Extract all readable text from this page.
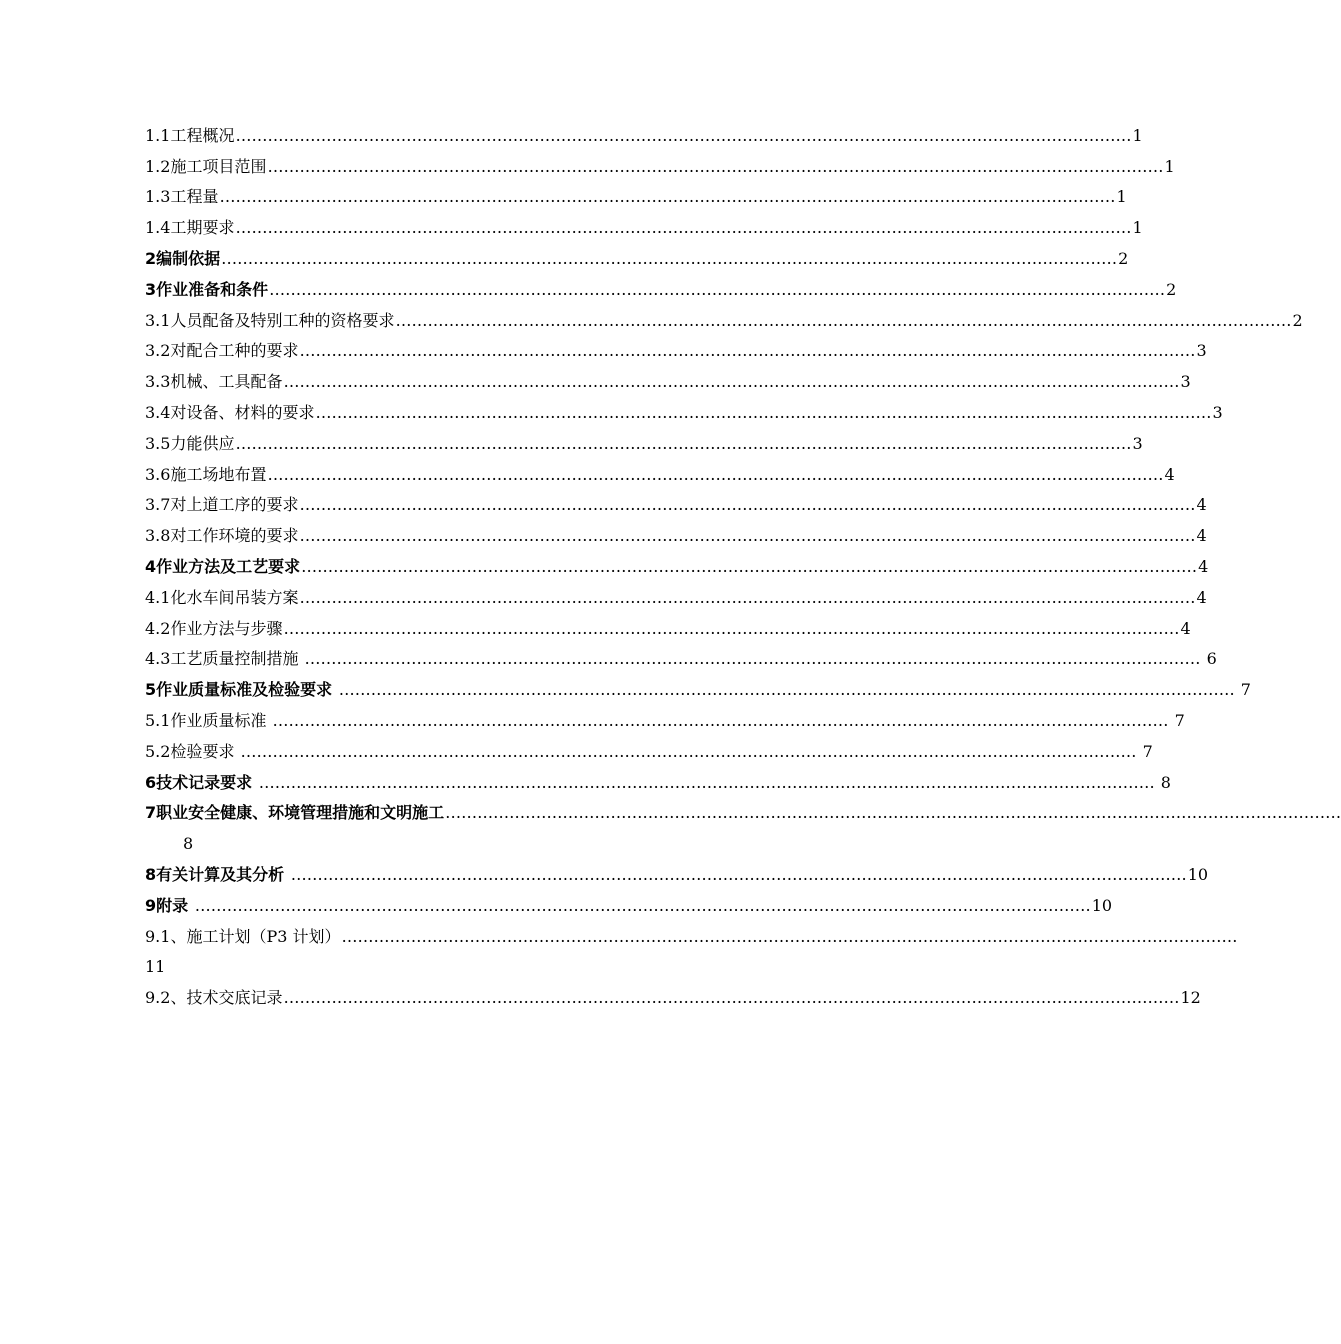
1.1 工程概况 …………………………………………………………………………………………………………………………………………………… 1
1.2 施工项目范围 …………………………………………………………………………………………………………………………………………………… 1
1.3 工程量 …………………………………………………………………………………………………………………………………………………… 1
1.4 工期要求 …………………………………………………………………………………………………………………………………………………… 1
2 编制依据 …………………………………………………………………………………………………………………………………………………… 2
3 作业准备和条件 …………………………………………………………………………………………………………………………………………………… 2
3.1 人员配备及特别工种的资格要求 …………………………………………………………………………………………………………………………………………………… 2
3.2 对配合工种的要求 …………………………………………………………………………………………………………………………………………………… 3
3.3 机械、工具配备 …………………………………………………………………………………………………………………………………………………… 3
3.4 对设备、材料的要求 …………………………………………………………………………………………………………………………………………………… 3
3.5 力能供应 …………………………………………………………………………………………………………………………………………………… 3
3.6 施工场地布置 …………………………………………………………………………………………………………………………………………………… 4
3.7 对上道工序的要求 …………………………………………………………………………………………………………………………………………………… 4
3.8 对工作环境的要求 …………………………………………………………………………………………………………………………………………………… 4
4 作业方法及工艺要求 …………………………………………………………………………………………………………………………………………………… 4
4.1 化水车间吊装方案 …………………………………………………………………………………………………………………………………………………… 4
4.2 作业方法与步骤 …………………………………………………………………………………………………………………………………………………… 4
4.3 工艺质量控制措施 …………………………………………………………………………………………………………………………………………………… 6
5 作业质量标准及检验要求 …………………………………………………………………………………………………………………………………………………… 7
5.1 作业质量标准 …………………………………………………………………………………………………………………………………………………… 7
5.2 检验要求 …………………………………………………………………………………………………………………………………………………… 7
6 技术记录要求 …………………………………………………………………………………………………………………………………………………… 8
7 职业安全健康、环境管理措施和文明施工 ……………………………………………………………………………………………………………………………………………………
8
8 有关计算及其分析 …………………………………………………………………………………………………………………………………………………… 10
9 附录 …………………………………………………………………………………………………………………………………………………… 10
9.1、 施工计划（P3 计划） ……………………………………………………………………………………………………………………………………………………
11
9.2、 技术交底记录 …………………………………………………………………………………………………………………………………………………… 12
